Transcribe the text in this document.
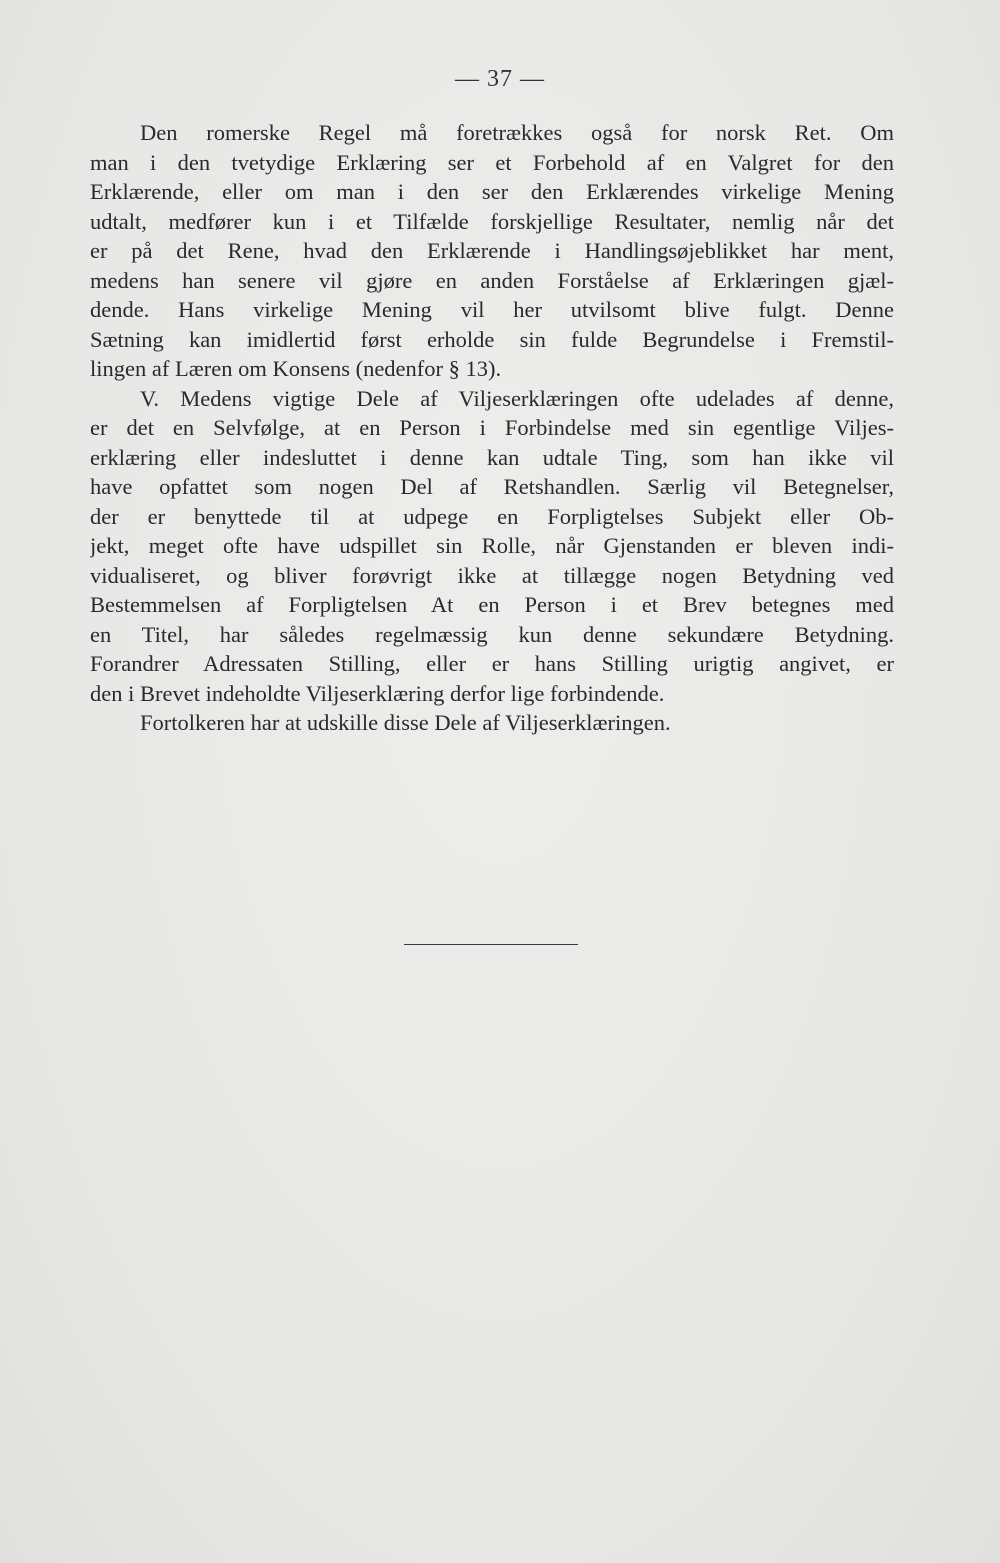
— 37 —
Den romerske Regel må foretrækkes også for norsk Ret. Om
man i den tvetydige Erklæring ser et Forbehold af en Valgret for den
Erklærende, eller om man i den ser den Erklærendes virkelige Mening
udtalt, medfører kun i et Tilfælde forskjellige Resultater, nemlig når det
er på det Rene, hvad den Erklærende i Handlingsøjeblikket har ment,
medens han senere vil gjøre en anden Forståelse af Erklæringen gjæl-
dende. Hans virkelige Mening vil her utvilsomt blive fulgt. Denne
Sætning kan imidlertid først erholde sin fulde Begrundelse i Fremstil-
lingen af Læren om Konsens (nedenfor § 13).
V. Medens vigtige Dele af Viljeserklæringen ofte udelades af denne,
er det en Selvfølge, at en Person i Forbindelse med sin egentlige Viljes-
erklæring eller indesluttet i denne kan udtale Ting, som han ikke vil
have opfattet som nogen Del af Retshandlen. Særlig vil Betegnelser,
der er benyttede til at udpege en Forpligtelses Subjekt eller Ob-
jekt, meget ofte have udspillet sin Rolle, når Gjenstanden er bleven indi-
vidualiseret, og bliver forøvrigt ikke at tillægge nogen Betydning ved
Bestemmelsen af Forpligtelsen At en Person i et Brev betegnes med
en Titel, har således regelmæssig kun denne sekundære Betydning.
Forandrer Adressaten Stilling, eller er hans Stilling urigtig angivet, er
den i Brevet indeholdte Viljeserklæring derfor lige forbindende.
Fortolkeren har at udskille disse Dele af Viljeserklæringen.
